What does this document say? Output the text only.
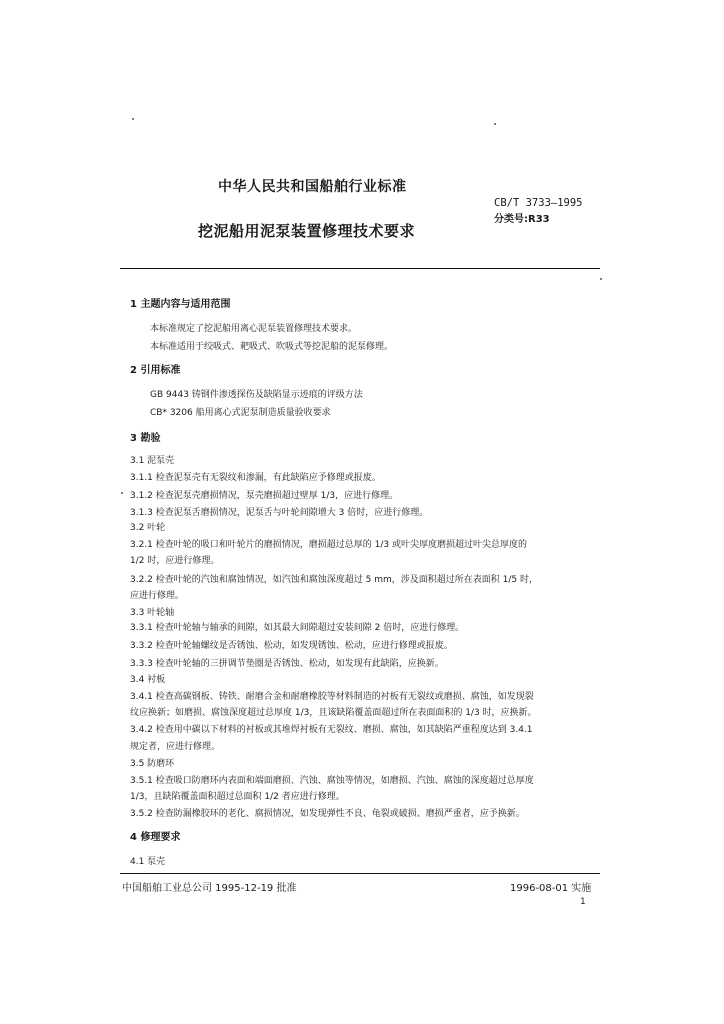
中华人民共和国船舶行业标准
CB/T 3733—1995
分类号:R33
挖泥船用泥泵装置修理技术要求
1 主题内容与适用范围
本标准规定了挖泥船用离心泥泵装置修理技术要求。
本标准适用于绞吸式、耙吸式、吹吸式等挖泥船的泥泵修理。
2 引用标准
GB 9443 铸钢件渗透探伤及缺陷显示迹痕的评级方法
CB* 3206 船用离心式泥泵制造质量验收要求
3 勘验
3.1 泥泵壳
3.1.1 检查泥泵壳有无裂纹和渗漏，有此缺陷应予修理或报废。
3.1.2 检查泥泵壳磨损情况，泵壳磨损超过壁厚 1/3，应进行修理。
3.1.3 检查泥泵舌磨损情况，泥泵舌与叶轮间隙增大 3 倍时，应进行修理。
3.2 叶轮
3.2.1 检查叶轮的吸口和叶轮片的磨损情况，磨损超过总厚的 1/3 或叶尖厚度磨损超过叶尖总厚度的
1/2 时，应进行修理。
3.2.2 检查叶轮的汽蚀和腐蚀情况，如汽蚀和腐蚀深度超过 5 mm，涉及面积超过所在表面积 1/5 时，
应进行修理。
3.3 叶轮轴
3.3.1 检查叶轮轴与轴承的间隙，如其最大间隙超过安装间隙 2 倍时，应进行修理。
3.3.2 检查叶轮轴螺纹是否锈蚀、松动，如发现锈蚀、松动，应进行修理或报废。
3.3.3 检查叶轮轴的三拼调节垫圈是否锈蚀、松动，如发现有此缺陷，应换新。
3.4 衬板
3.4.1 检查高碳钢板、铸铁、耐磨合金和耐磨橡胶等材料制造的衬板有无裂纹或磨损、腐蚀，如发现裂
纹应换新；如磨损、腐蚀深度超过总厚度 1/3，且该缺陷覆盖面超过所在表面面积的 1/3 时，应换新。
3.4.2 检查用中碳以下材料的衬板或其堆焊衬板有无裂纹、磨损、腐蚀，如其缺陷严重程度达到 3.4.1
规定者，应进行修理。
3.5 防磨环
3.5.1 检查吸口防磨环内表面和端面磨损、汽蚀、腐蚀等情况，如磨损、汽蚀、腐蚀的深度超过总厚度
1/3，且缺陷覆盖面积超过总面积 1/2 者应进行修理。
3.5.2 检查防漏橡胶环的老化、腐损情况，如发现弹性不良、龟裂或破损、磨损严重者，应予换新。
4 修理要求
4.1 泵壳
中国船舶工业总公司 1995-12-19 批准	1996-08-01 实施
1
